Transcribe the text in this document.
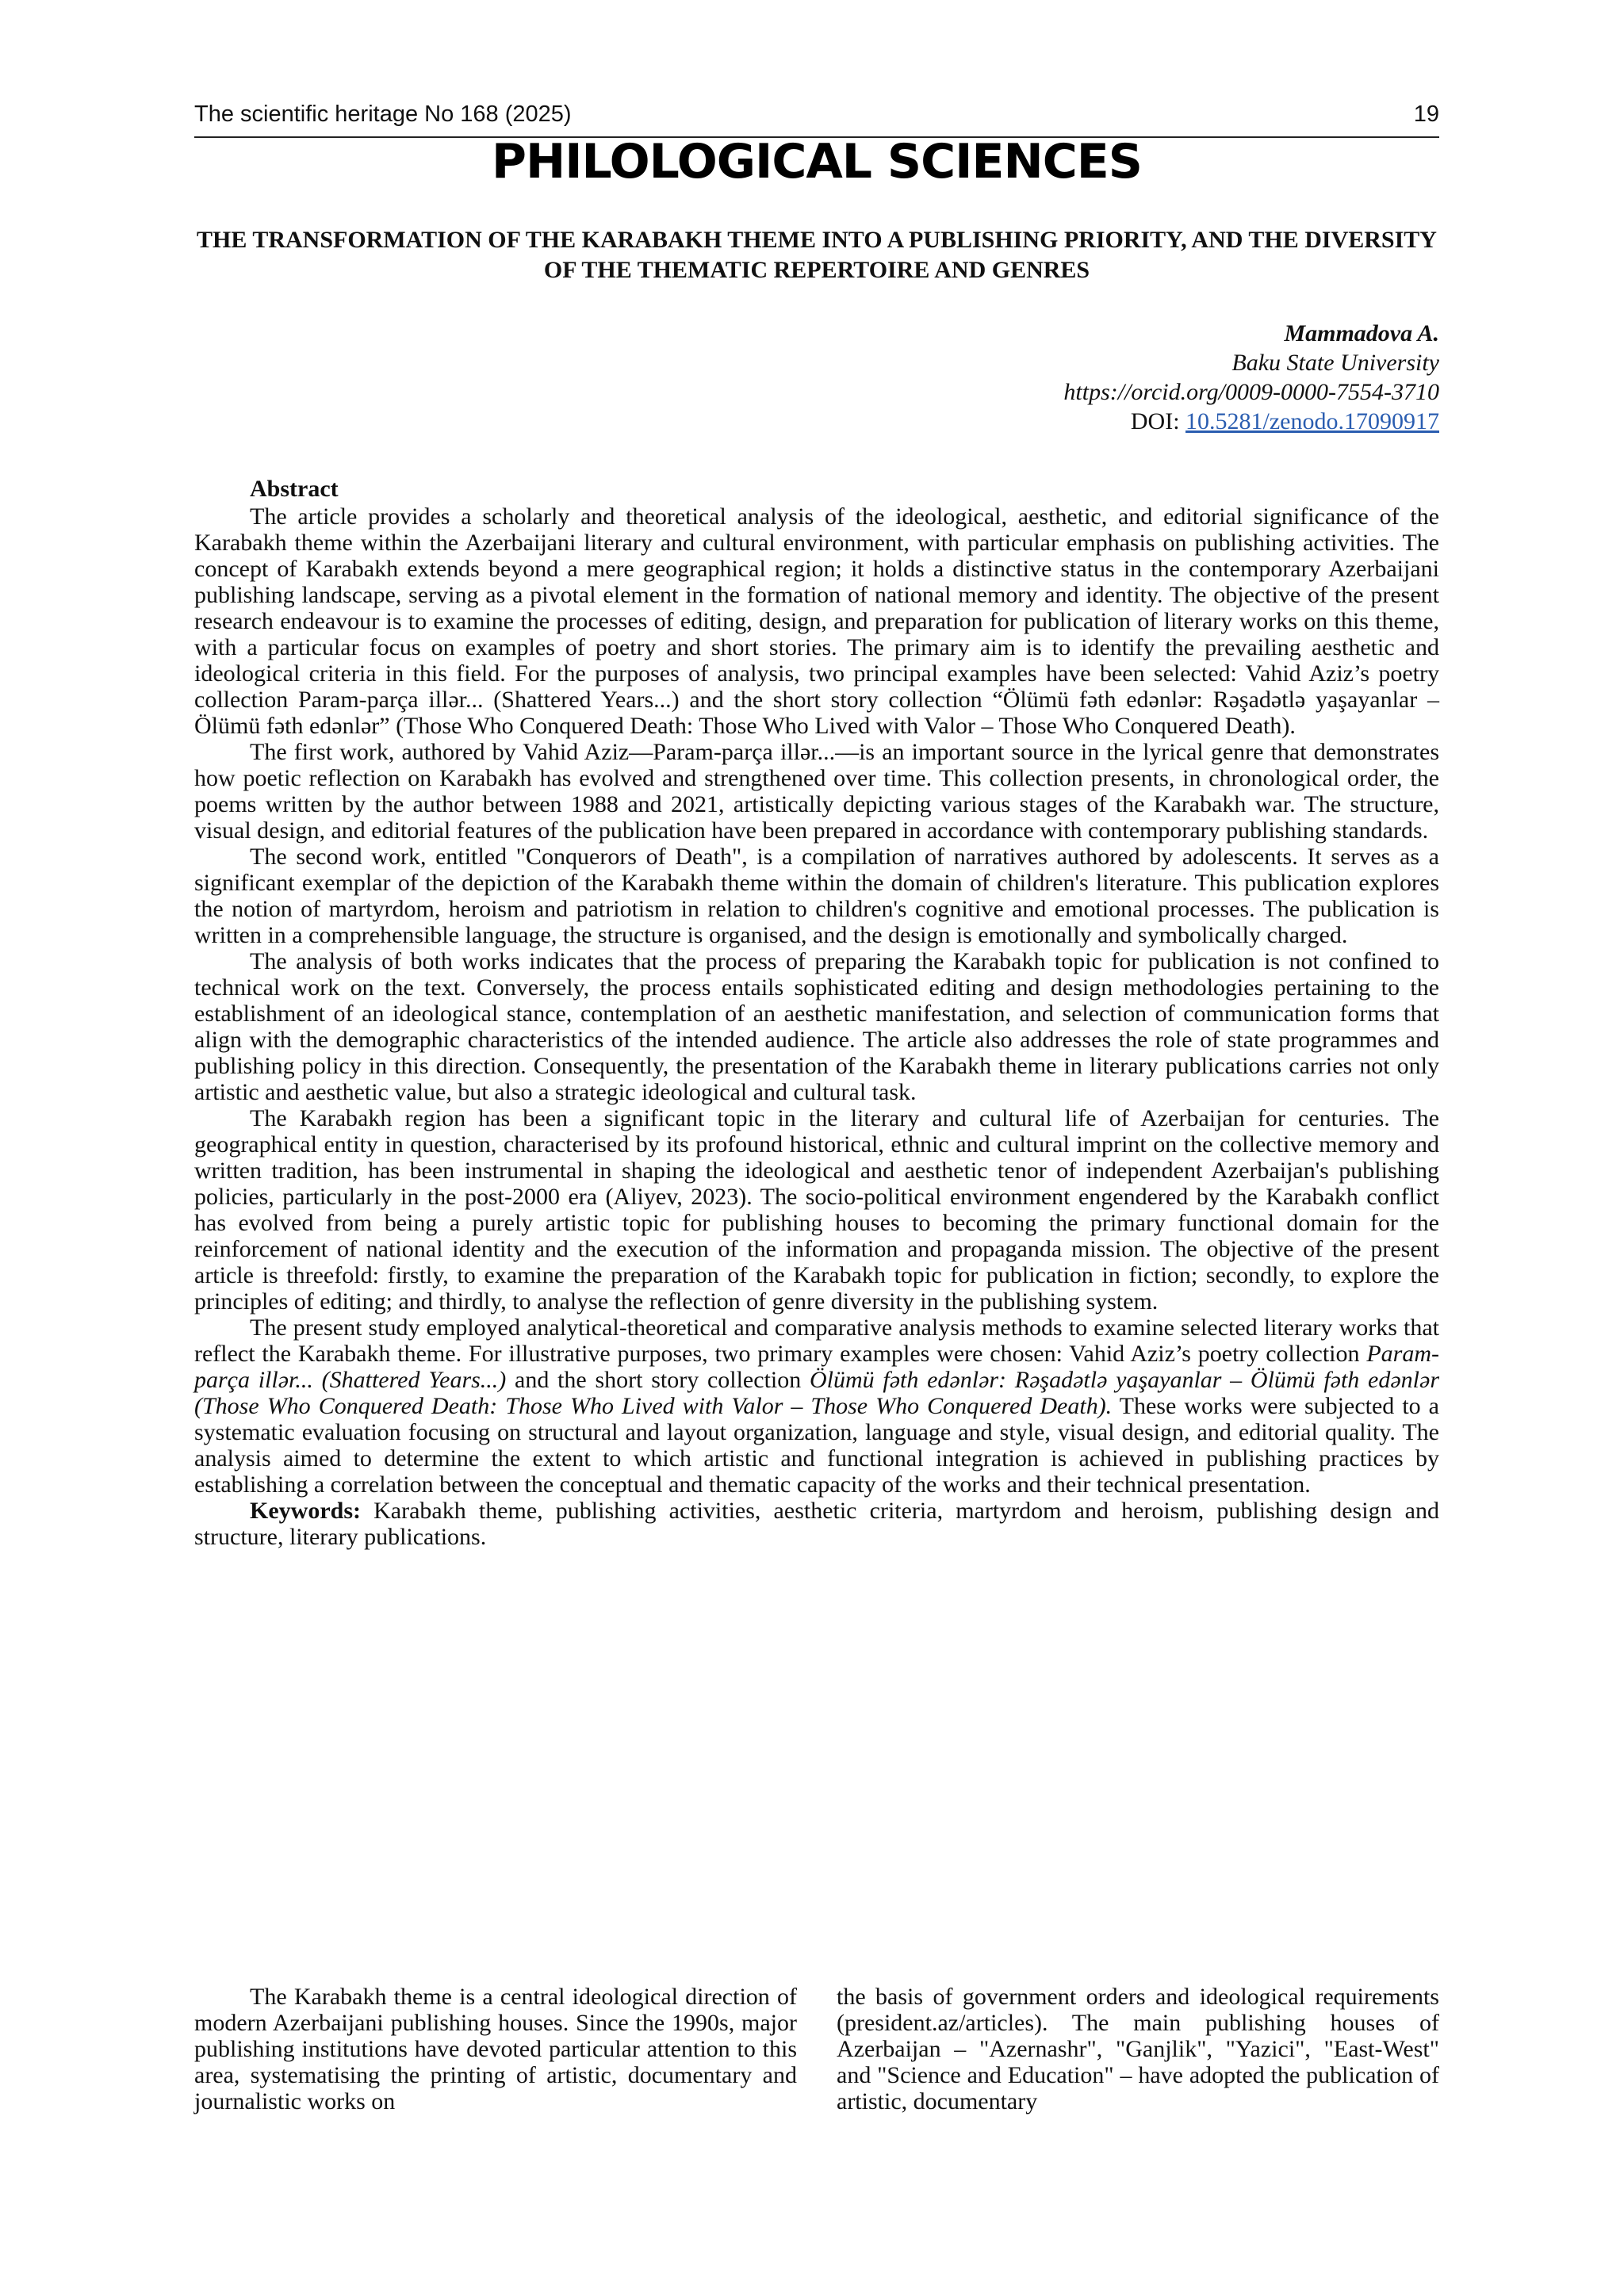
The scientific heritage No 168 (2025)	19
PHILOLOGICAL SCIENCES
THE TRANSFORMATION OF THE KARABAKH THEME INTO A PUBLISHING PRIORITY, AND THE DIVERSITY OF THE THEMATIC REPERTOIRE AND GENRES
Mammadova A.
Baku State University
https://orcid.org/0009-0000-7554-3710
DOI: 10.5281/zenodo.17090917
Abstract

The article provides a scholarly and theoretical analysis of the ideological, aesthetic, and editorial significance of the Karabakh theme within the Azerbaijani literary and cultural environment, with particular emphasis on publishing activities. The concept of Karabakh extends beyond a mere geographical region; it holds a distinctive status in the contemporary Azerbaijani publishing landscape, serving as a pivotal element in the formation of national memory and identity. The objective of the present research endeavour is to examine the processes of editing, design, and preparation for publication of literary works on this theme, with a particular focus on examples of poetry and short stories. The primary aim is to identify the prevailing aesthetic and ideological criteria in this field. For the purposes of analysis, two principal examples have been selected: Vahid Aziz’s poetry collection Param-parça illər... (Shattered Years...) and the short story collection “Ölümü fəth edənlər: Rəşadətlə yaşayanlar – Ölümü fəth edənlər” (Those Who Conquered Death: Those Who Lived with Valor – Those Who Conquered Death).

The first work, authored by Vahid Aziz—Param-parça illər...—is an important source in the lyrical genre that demonstrates how poetic reflection on Karabakh has evolved and strengthened over time. This collection presents, in chronological order, the poems written by the author between 1988 and 2021, artistically depicting various stages of the Karabakh war. The structure, visual design, and editorial features of the publication have been prepared in accordance with contemporary publishing standards.

The second work, entitled "Conquerors of Death", is a compilation of narratives authored by adolescents. It serves as a significant exemplar of the depiction of the Karabakh theme within the domain of children's literature. This publication explores the notion of martyrdom, heroism and patriotism in relation to children's cognitive and emotional processes. The publication is written in a comprehensible language, the structure is organised, and the design is emotionally and symbolically charged.

The analysis of both works indicates that the process of preparing the Karabakh topic for publication is not confined to technical work on the text. Conversely, the process entails sophisticated editing and design methodologies pertaining to the establishment of an ideological stance, contemplation of an aesthetic manifestation, and selection of communication forms that align with the demographic characteristics of the intended audience. The article also addresses the role of state programmes and publishing policy in this direction. Consequently, the presentation of the Karabakh theme in literary publications carries not only artistic and aesthetic value, but also a strategic ideological and cultural task.

The Karabakh region has been a significant topic in the literary and cultural life of Azerbaijan for centuries. The geographical entity in question, characterised by its profound historical, ethnic and cultural imprint on the collective memory and written tradition, has been instrumental in shaping the ideological and aesthetic tenor of independent Azerbaijan's publishing policies, particularly in the post-2000 era (Aliyev, 2023). The socio-political environment engendered by the Karabakh conflict has evolved from being a purely artistic topic for publishing houses to becoming the primary functional domain for the reinforcement of national identity and the execution of the information and propaganda mission. The objective of the present article is threefold: firstly, to examine the preparation of the Karabakh topic for publication in fiction; secondly, to explore the principles of editing; and thirdly, to analyse the reflection of genre diversity in the publishing system.

The present study employed analytical-theoretical and comparative analysis methods to examine selected literary works that reflect the Karabakh theme. For illustrative purposes, two primary examples were chosen: Vahid Aziz’s poetry collection Param-parça illər... (Shattered Years...) and the short story collection Ölümü fəth edənlər: Rəşadətlə yaşayanlar – Ölümü fəth edənlər (Those Who Conquered Death: Those Who Lived with Valor – Those Who Conquered Death). These works were subjected to a systematic evaluation focusing on structural and layout organization, language and style, visual design, and editorial quality. The analysis aimed to determine the extent to which artistic and functional integration is achieved in publishing practices by establishing a correlation between the conceptual and thematic capacity of the works and their technical presentation.

Keywords: Karabakh theme, publishing activities, aesthetic criteria, martyrdom and heroism, publishing design and structure, literary publications.

The Karabakh theme is a central ideological direction of modern Azerbaijani publishing houses. Since the 1990s, major publishing institutions have devoted particular attention to this area, systematising the printing of artistic, documentary and journalistic works on

the basis of government orders and ideological requirements (president.az/articles). The main publishing houses of Azerbaijan – "Azernashr", "Ganjlik", "Yazici", "East-West" and "Science and Education" – have adopted the publication of artistic, documentary
